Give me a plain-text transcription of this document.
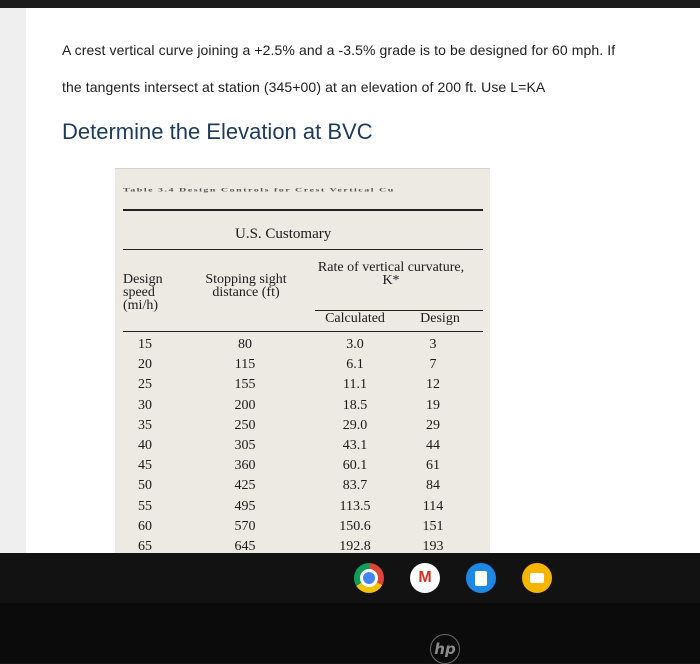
A crest vertical curve joining a +2.5% and a -3.5% grade is to be designed for 60 mph. If
the tangents intersect at station (345+00) at an elevation of 200 ft. Use L=KA
Determine the Elevation at BVC
Table 3.4 Design Controls for Crest Vertical Cu
U.S. Customary
Design speed (mi/h)
Stopping sight distance (ft)
Rate of vertical curvature, K*
Calculated	Design
15	80	3.0	3
20	115	6.1	7
25	155	11.1	12
30	200	18.5	19
35	250	29.0	29
40	305	43.1	44
45	360	60.1	61
50	425	83.7	84
55	495	113.5	114
60	570	150.6	151
65	645	192.8	193
M
hp
